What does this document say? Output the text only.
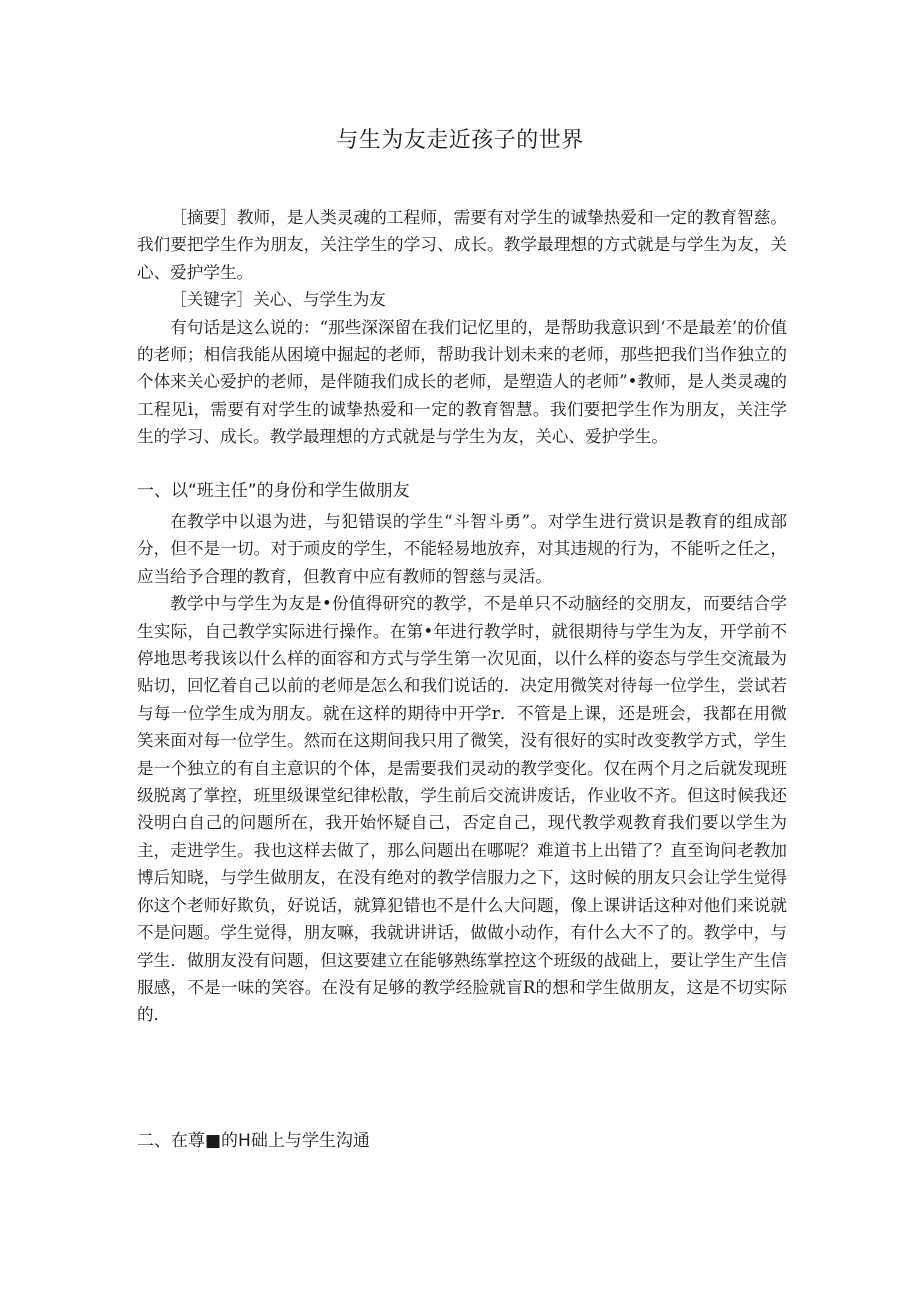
与生为友走近孩子的世界

［摘要］教师，是人类灵魂的工程师，需要有对学生的诚挚热爱和一定的教育智慈。我们要把学生作为朋友，关注学生的学习、成长。教学最理想的方式就是与学生为友，关心、爱护学生。

［关键字］关心、与学生为友

有句话是这么说的：“那些深深留在我们记忆里的，是帮助我意识到‘不是最差’的价值的老师；相信我能从困境中掘起的老师，帮助我计划未来的老师，那些把我们当作独立的个体来关心爱护的老师，是伴随我们成长的老师，是塑造人的老师”•教师，是人类灵魂的工程见i，需要有对学生的诚挚热爱和一定的教育智慧。我们要把学生作为朋友，关注学生的学习、成长。教学最理想的方式就是与学生为友，关心、爱护学生。

一、以“班主任”的身份和学生做朋友

在教学中以退为进，与犯错误的学生“斗智斗勇”。对学生进行赏识是教育的组成部分，但不是一切。对于顽皮的学生，不能轻易地放弃，对其违规的行为，不能听之任之，应当给予合理的教育，但教育中应有教师的智慈与灵活。

教学中与学生为友是•份值得研究的教学，不是单只不动脑经的交朋友，而要结合学生实际，自己教学实际进行操作。在第•年进行教学时，就很期待与学生为友，开学前不停地思考我该以什么样的面容和方式与学生第一次见面，以什么样的姿态与学生交流最为贴切，回忆着自己以前的老师是怎么和我们说话的．决定用微笑对待每一位学生，尝试若与每一位学生成为朋友。就在这样的期待中开学r．不管是上课，还是班会，我都在用微笑来面对每一位学生。然而在这期间我只用了微笑，没有很好的实时改变教学方式，学生是一个独立的有自主意识的个体，是需要我们灵动的教学变化。仅在两个月之后就发现班级脱离了掌控，班里级课堂纪律松散，学生前后交流讲废话，作业收不齐。但这时候我还没明白自己的问题所在，我开始怀疑自己，否定自己，现代教学观教育我们要以学生为主，走进学生。我也这样去做了，那么问题出在哪呢？难道书上出错了？直至询问老教加博后知晓，与学生做朋友，在没有绝对的教学信服力之下，这时候的朋友只会让学生觉得你这个老师好欺负，好说话，就算犯错也不是什么大问题，像上课讲话这种对他们来说就不是问题。学生觉得，朋友嘛，我就讲讲话，做做小动作，有什么大不了的。教学中，与学生．做朋友没有问题，但这要建立在能够熟练掌控这个班级的战础上，要让学生产生信服感，不是一味的笑容。在没有足够的教学经脸就盲R的想和学生做朋友，这是不切实际的．

二、在尊■的H础上与学生沟通
